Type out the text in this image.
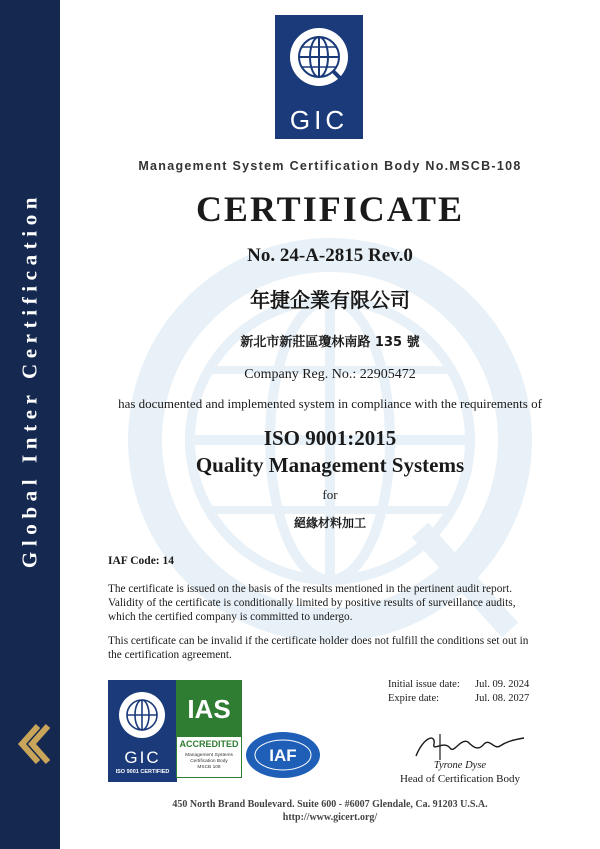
Global Inter Certification
GIC
Management System Certification Body No.MSCB-108
CERTIFICATE
No. 24-A-2815 Rev.0
年捷企業有限公司
新北市新莊區瓊林南路 135 號
Company Reg. No.: 22905472
has documented and implemented system in compliance with the requirements of
ISO 9001:2015
Quality Management Systems
for
絕緣材料加工
IAF Code: 14
The certificate is issued on the basis of the results mentioned in the pertinent audit report. Validity of the certificate is conditionally limited by positive results of surveillance audits, which the certified company is committed to undergo.
This certificate can be invalid if the certificate holder does not fulfill the conditions set out in the certification agreement.
Initial issue date:	Jul. 09. 2024
Expire date:	Jul. 08. 2027
GIC
ISO 9001 CERTIFIED
IAS
ACCREDITED
Management Systems
Certification Body
MSCB 108
IAF
Tyrone Dyse
Head of Certification Body
450 North Brand Boulevard. Suite 600 - #6007 Glendale, Ca. 91203 U.S.A.
http://www.gicert.org/
